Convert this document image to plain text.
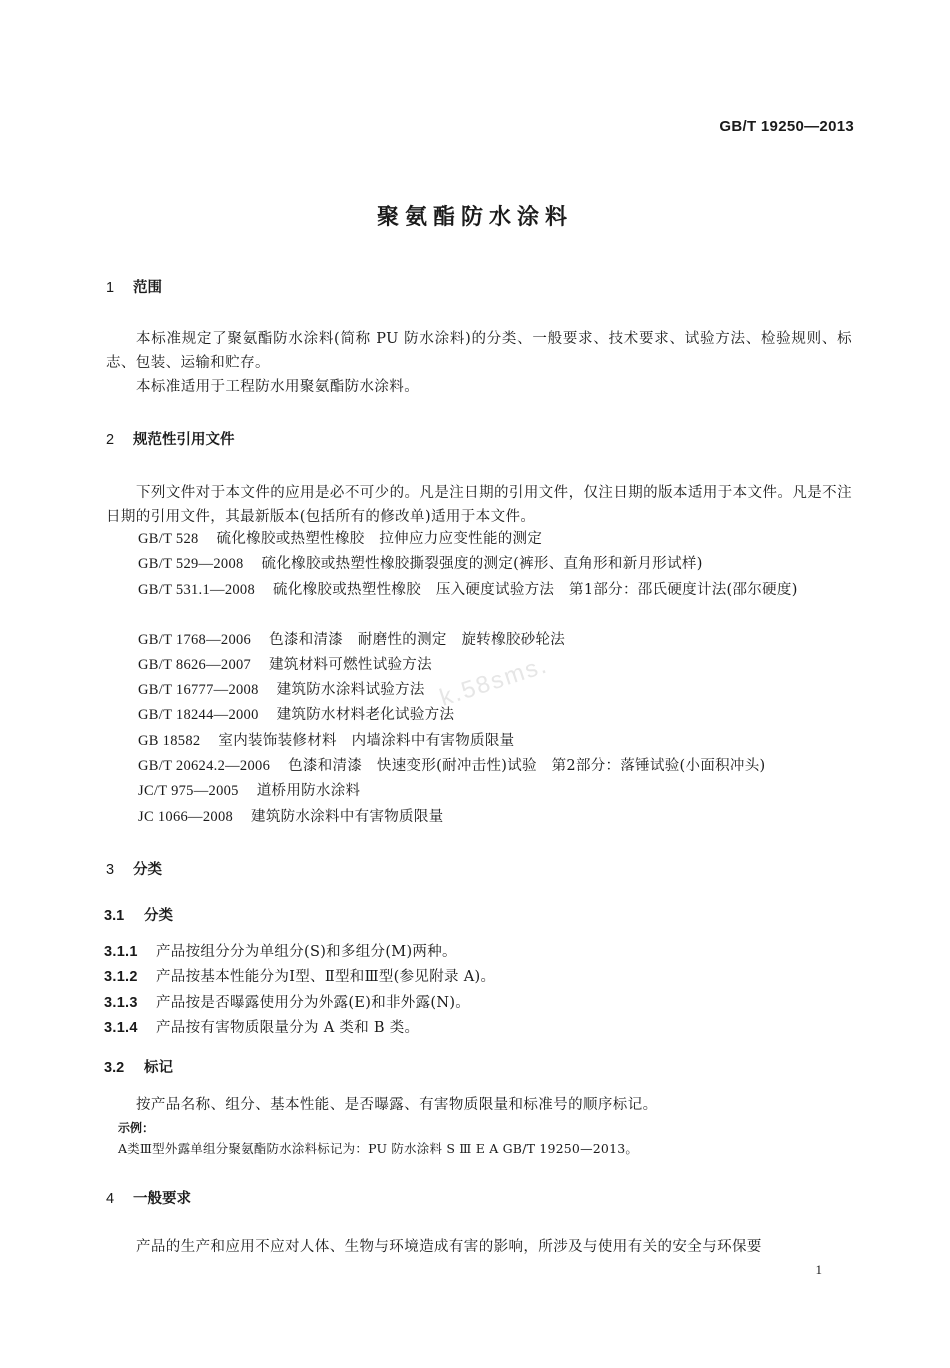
GB/T 19250—2013
聚氨酯防水涂料
1 范围
本标准规定了聚氨酯防水涂料(简称 PU 防水涂料)的分类、一般要求、技术要求、试验方法、检验规则、标志、包装、运输和贮存。
本标准适用于工程防水用聚氨酯防水涂料。
2 规范性引用文件
下列文件对于本文件的应用是必不可少的。凡是注日期的引用文件，仅注日期的版本适用于本文件。凡是不注日期的引用文件，其最新版本(包括所有的修改单)适用于本文件。
GB/T 528 硫化橡胶或热塑性橡胶　拉伸应力应变性能的测定
GB/T 529—2008 硫化橡胶或热塑性橡胶撕裂强度的测定(裤形、直角形和新月形试样)
GB/T 531.1—2008 硫化橡胶或热塑性橡胶　压入硬度试验方法　第1部分：邵氏硬度计法(邵尔硬度)
GB/T 1768—2006 色漆和清漆　耐磨性的测定　旋转橡胶砂轮法
GB/T 8626—2007 建筑材料可燃性试验方法
GB/T 16777—2008 建筑防水涂料试验方法
GB/T 18244—2000 建筑防水材料老化试验方法
GB 18582 室内装饰装修材料　内墙涂料中有害物质限量
GB/T 20624.2—2006 色漆和清漆　快速变形(耐冲击性)试验　第2部分：落锤试验(小面积冲头)
JC/T 975—2005 道桥用防水涂料
JC 1066—2008 建筑防水涂料中有害物质限量
3 分类
3.1 分类
3.1.1 产品按组分分为单组分(S)和多组分(M)两种。
3.1.2 产品按基本性能分为Ⅰ型、Ⅱ型和Ⅲ型(参见附录 A)。
3.1.3 产品按是否曝露使用分为外露(E)和非外露(N)。
3.1.4 产品按有害物质限量分为 A 类和 B 类。
3.2 标记
按产品名称、组分、基本性能、是否曝露、有害物质限量和标准号的顺序标记。
示例：
A类Ⅲ型外露单组分聚氨酯防水涂料标记为：PU 防水涂料 S Ⅲ E A GB/T 19250—2013。
4 一般要求
产品的生产和应用不应对人体、生物与环境造成有害的影响，所涉及与使用有关的安全与环保要
k.58sms.
1
